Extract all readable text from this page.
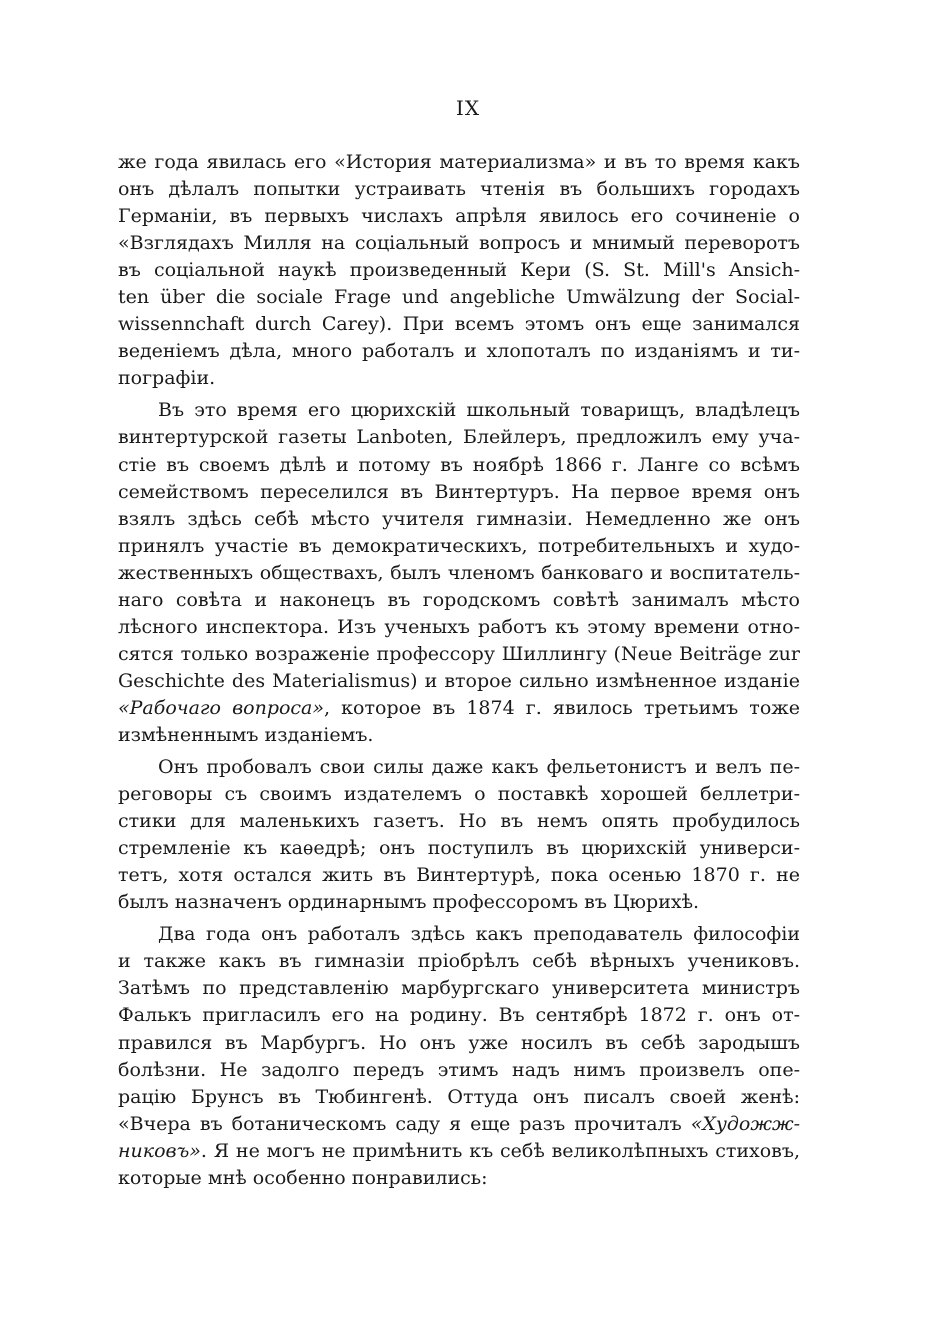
IX
же года явилась его «История материализма» и въ то время какъ
онъ дѣлалъ попытки устраивать чтенія въ большихъ городахъ
Германіи, въ первыхъ числахъ апрѣля явилось его сочиненіе о
«Взглядахъ Милля на соціальный вопросъ и мнимый переворотъ
въ соціальной наукѣ произведенный Кери (S. St. Mill's Ansich-
ten über die sociale Frage und angebliche Umwälzung der Social-
wissennchaft durch Carey). При всемъ этомъ онъ еще занимался
веденіемъ дѣла, много работалъ и хлопоталъ по изданіямъ и ти-
пографіи.
Въ это время его цюрихскій школьный товарищъ, владѣлецъ
винтертурской газеты Lanboten, Блейлеръ, предложилъ ему уча-
стіе въ своемъ дѣлѣ и потому въ ноябрѣ 1866 г. Ланге со всѣмъ
семействомъ переселился въ Винтертуръ. На первое время онъ
взялъ здѣсь себѣ мѣсто учителя гимназіи. Немедленно же онъ
принялъ участіе въ демократическихъ, потребительныхъ и худо-
жественныхъ обществахъ, былъ членомъ банковаго и воспитатель-
наго совѣта и наконецъ въ городскомъ совѣтѣ занималъ мѣсто
лѣсного инспектора. Изъ ученыхъ работъ къ этому времени отно-
сятся только возраженіе профессору Шиллингу (Neue Beiträge zur
Geschichte des Materialismus) и второе сильно измѣненное изданіе
«Рабочаго вопроса», которое въ 1874 г. явилось третьимъ тоже
измѣненнымъ изданіемъ.
Онъ пробовалъ свои силы даже какъ фельетонистъ и велъ пе-
реговоры съ своимъ издателемъ о поставкѣ хорошей беллетри-
стики для маленькихъ газетъ. Но въ немъ опять пробудилось
стремленіе къ каѳедрѣ; онъ поступилъ въ цюрихскій универси-
тетъ, хотя остался жить въ Винтертурѣ, пока осенью 1870 г. не
былъ назначенъ ординарнымъ профессоромъ въ Цюрихѣ.
Два года онъ работалъ здѣсь какъ преподаватель философіи
и также какъ въ гимназіи пріобрѣлъ себѣ вѣрныхъ учениковъ.
Затѣмъ по представленію марбургскаго университета министръ
Фалькъ пригласилъ его на родину. Въ сентябрѣ 1872 г. онъ от-
правился въ Марбургъ. Но онъ уже носилъ въ себѣ зародышъ
болѣзни. Не задолго передъ этимъ надъ нимъ произвелъ опе-
рацію Брунсъ въ Тюбингенѣ. Оттуда онъ писалъ своей женѣ:
«Вчера въ ботаническомъ саду я еще разъ прочиталъ «Художж-
никовъ». Я не могъ не примѣнить къ себѣ великолѣпныхъ стиховъ,
которые мнѣ особенно понравились:
